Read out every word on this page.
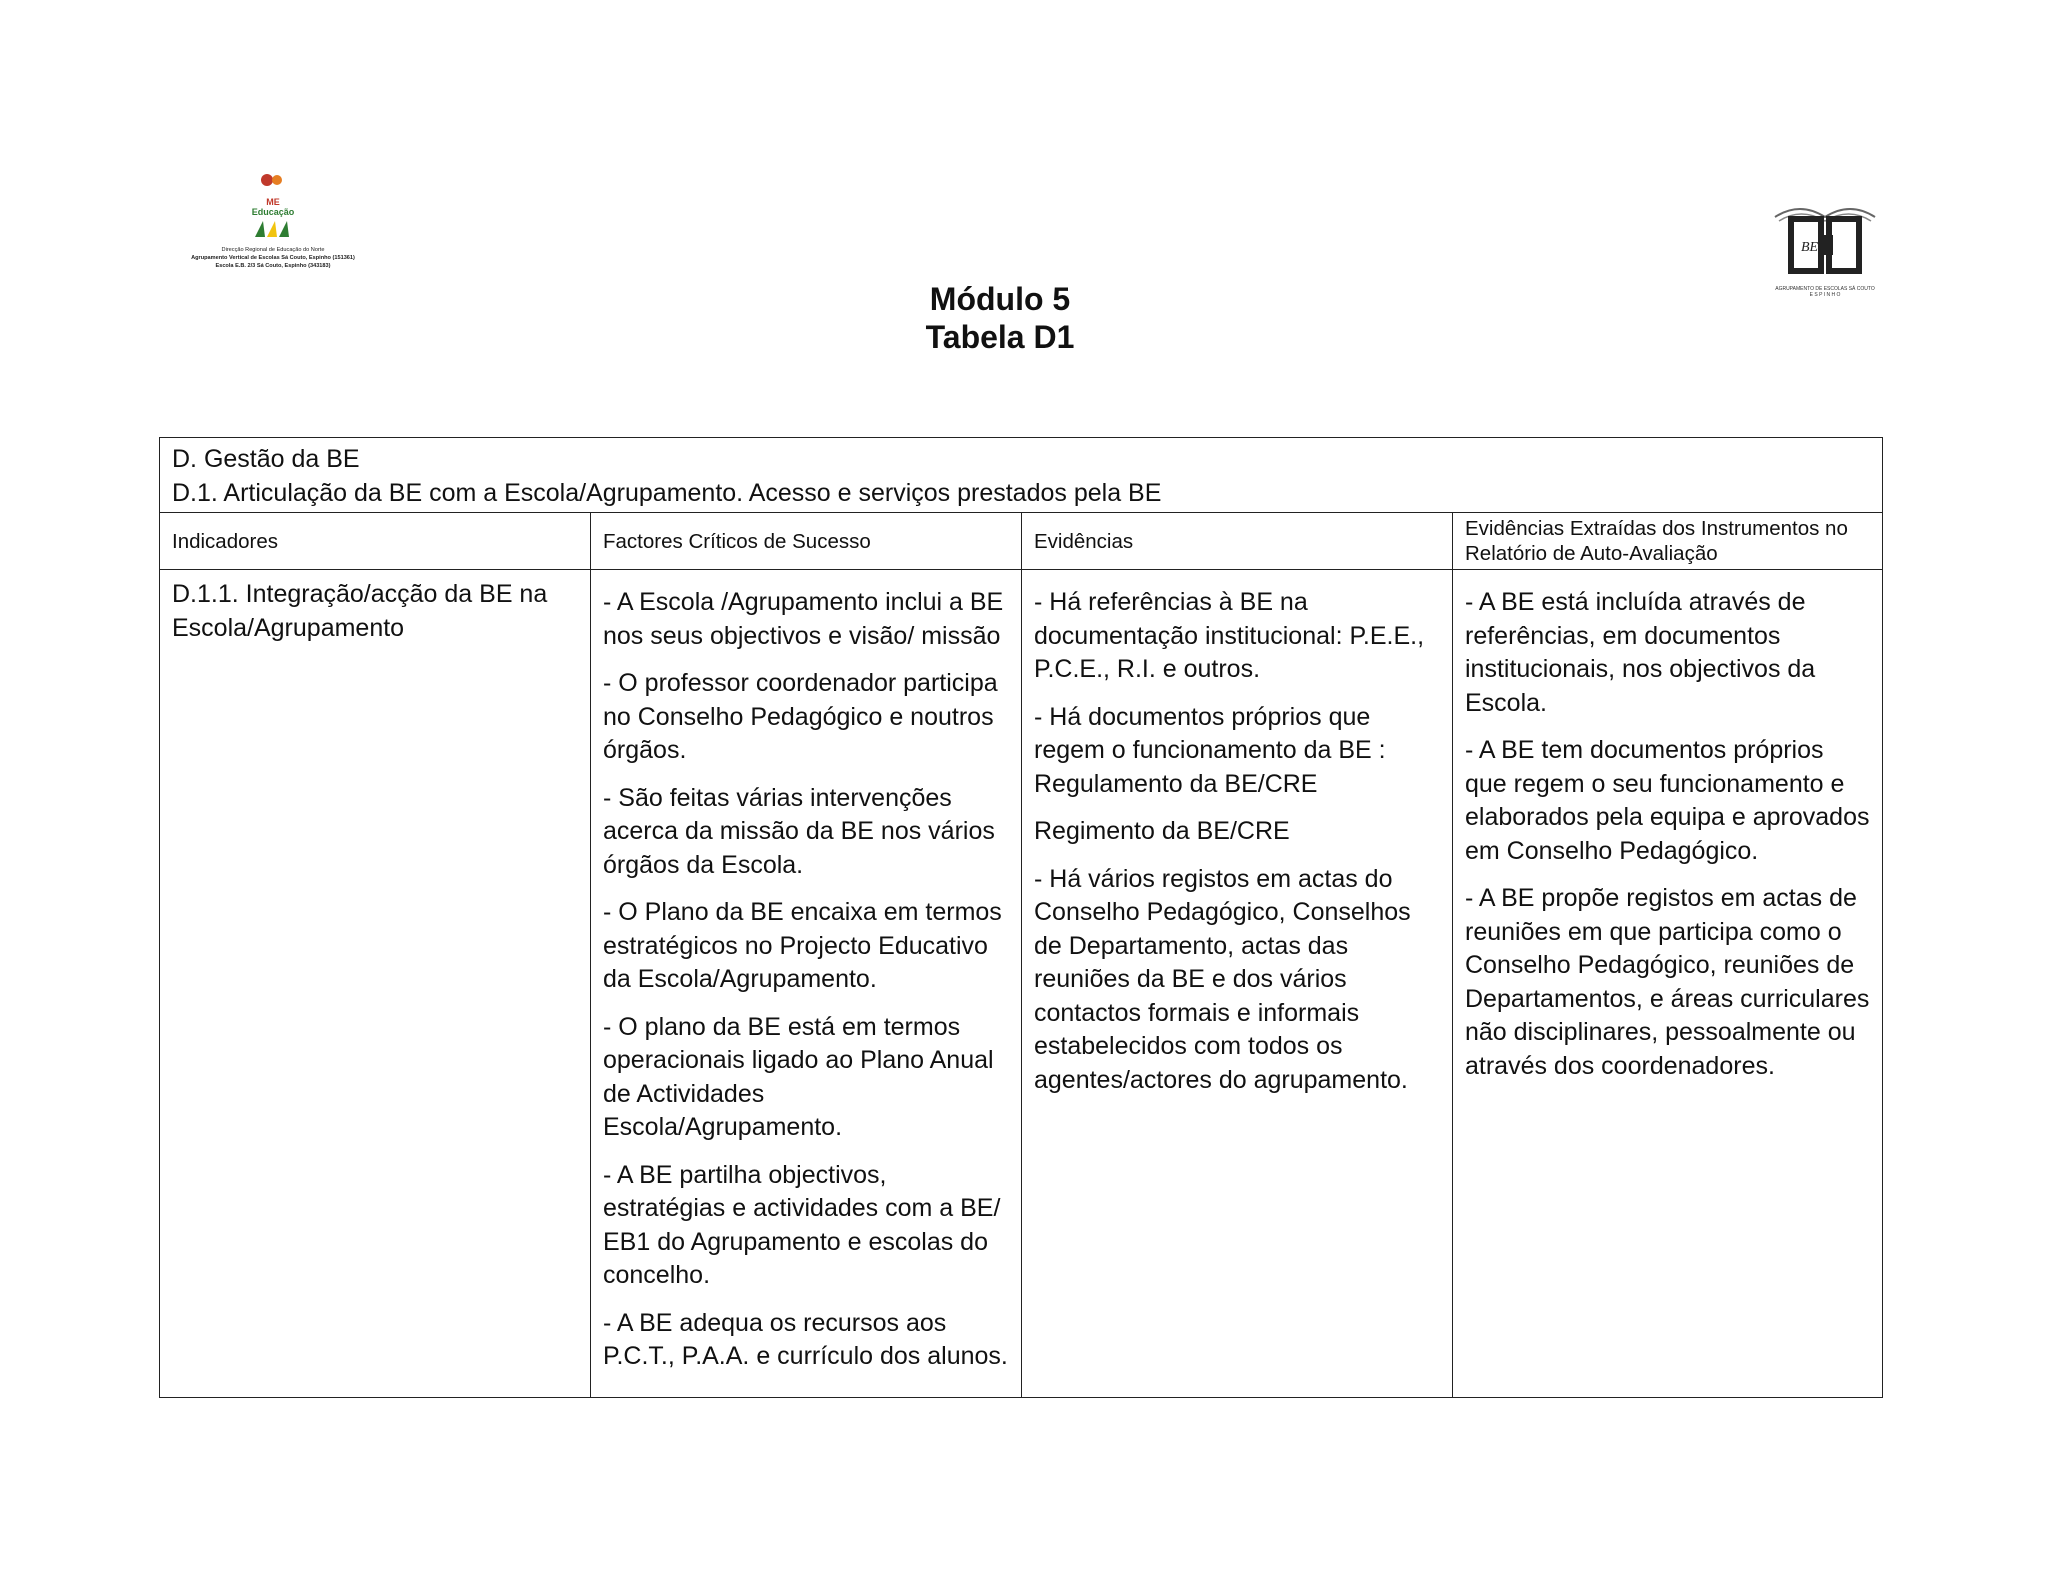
ME
Educação
Direcção Regional de Educação do Norte
Agrupamento Vertical de Escolas Sá Couto, Espinho (151361)
Escola E.B. 2/3 Sá Couto, Espinho (343183)
BE
AGRUPAMENTO DE ESCOLAS SÁ COUTO
E S P I N H O
Módulo 5
Tabela D1
D. Gestão da BE
D.1. Articulação da BE com a Escola/Agrupamento. Acesso e serviços prestados pela BE
Indicadores	Factores Críticos de Sucesso	Evidências
Evidências Extraídas dos Instrumentos no Relatório de Auto-Avaliação
D.1.1. Integração/acção da BE na Escola/Agrupamento
- A Escola /Agrupamento inclui a BE nos seus objectivos e visão/ missão
- O professor coordenador participa no Conselho Pedagógico e noutros órgãos.
- São feitas várias intervenções acerca da missão da BE nos vários órgãos da Escola.
- O Plano da BE encaixa em termos estratégicos no Projecto Educativo da Escola/Agrupamento.
- O plano da BE está em termos operacionais ligado ao Plano Anual de Actividades Escola/Agrupamento.
- A BE partilha objectivos, estratégias e actividades com a BE/ EB1 do Agrupamento e escolas do concelho.
- A BE adequa os recursos aos P.C.T., P.A.A. e currículo dos alunos.
- Há referências à BE na documentação institucional: P.E.E., P.C.E., R.I. e outros.
- Há documentos próprios que regem o funcionamento da BE : Regulamento da BE/CRE
Regimento da BE/CRE
- Há vários registos em actas do Conselho Pedagógico, Conselhos de Departamento, actas das reuniões da BE e dos vários contactos formais e informais estabelecidos com todos os agentes/actores do agrupamento.
- A BE está incluída através de referências, em documentos institucionais, nos objectivos da Escola.
- A BE tem documentos próprios que regem o seu funcionamento e elaborados pela equipa e aprovados em Conselho Pedagógico.
- A BE propõe registos em actas de reuniões em que participa como o Conselho Pedagógico, reuniões de Departamentos, e áreas curriculares não disciplinares, pessoalmente ou através dos coordenadores.
